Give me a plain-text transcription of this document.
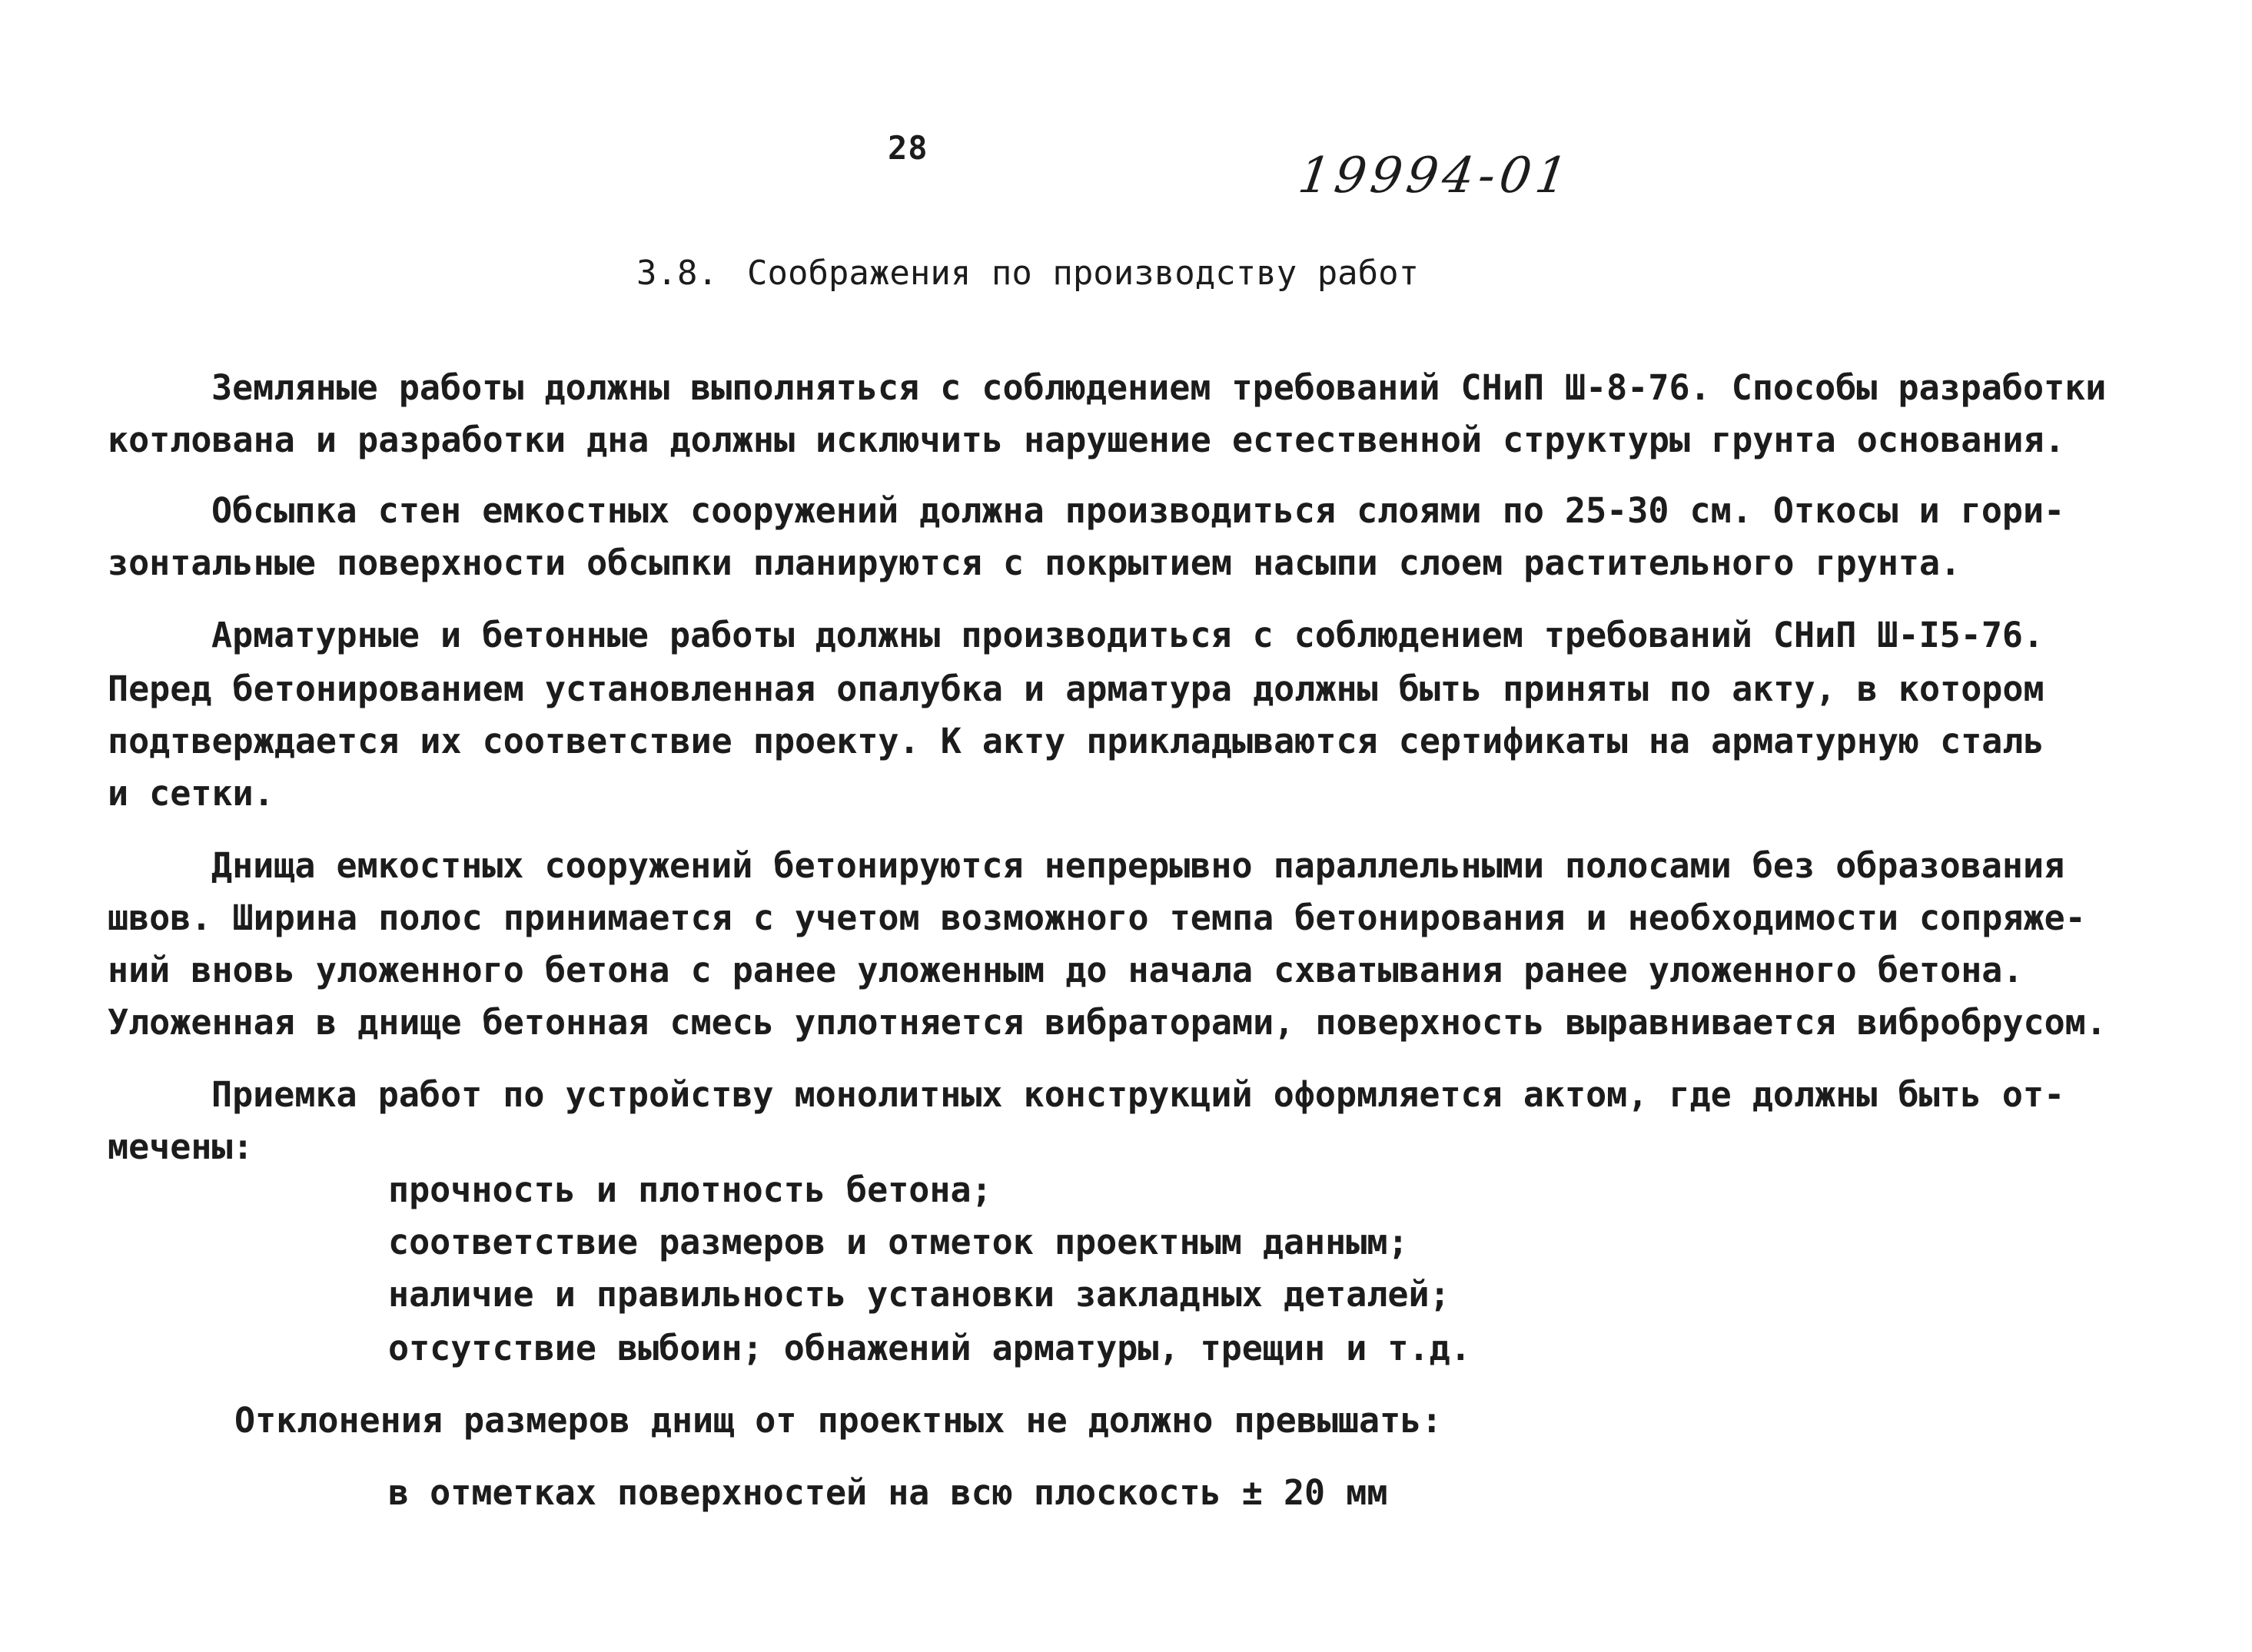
28	19994-01
3.8. Соображения по производству работ
Земляные работы должны выполняться с соблюдением требований СНиП Ш-8-76. Способы разработки
котлована и разработки дна должны исключить нарушение естественной структуры грунта основания.
Обсыпка стен емкостных сооружений должна производиться слоями по 25-30 см. Откосы и гори-
зонтальные поверхности обсыпки планируются с покрытием насыпи слоем растительного грунта.
Арматурные и бетонные работы должны производиться с соблюдением требований СНиП Ш-I5-76.
Перед бетонированием установленная опалубка и арматура должны быть приняты по акту, в котором
подтверждается их соответствие проекту. К акту прикладываются сертификаты на арматурную сталь
и сетки.
Днища емкостных сооружений бетонируются непрерывно параллельными полосами без образования
швов. Ширина полос принимается с учетом возможного темпа бетонирования и необходимости сопряже-
ний вновь уложенного бетона с ранее уложенным до начала схватывания ранее уложенного бетона.
Уложенная в днище бетонная смесь уплотняется вибраторами, поверхность выравнивается вибробрусом.
Приемка работ по устройству монолитных конструкций оформляется актом, где должны быть от-
мечены:
прочность и плотность бетона;
соответствие размеров и отметок проектным данным;
наличие и правильность установки закладных деталей;
отсутствие выбоин; обнажений арматуры, трещин и т.д.
Отклонения размеров днищ от проектных не должно превышать:
в отметках поверхностей на всю плоскость ± 20 мм
